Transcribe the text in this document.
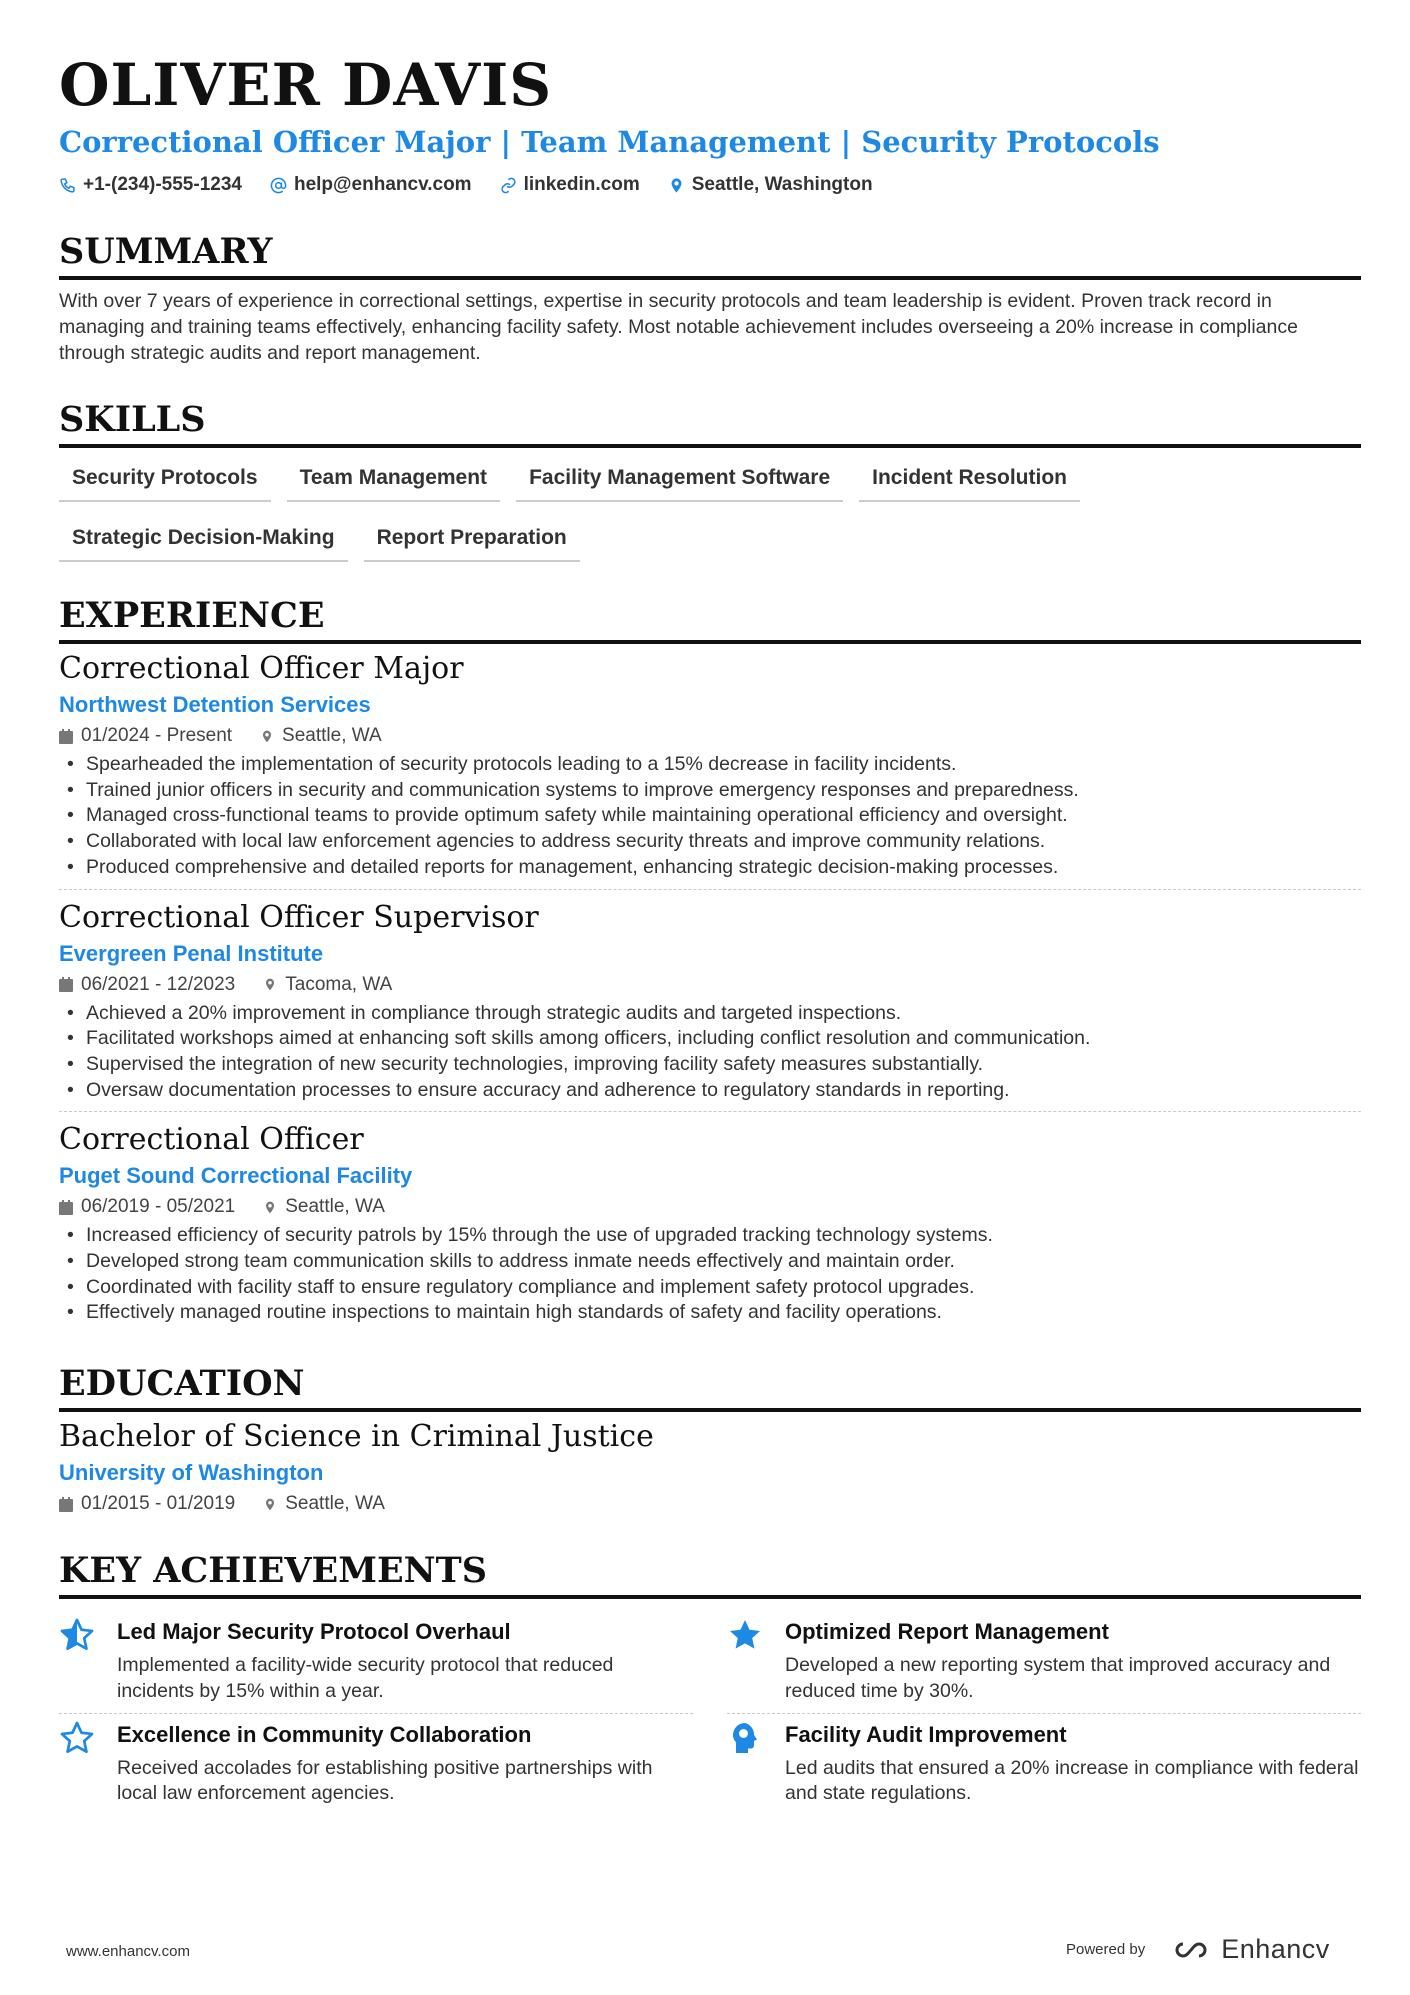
OLIVER DAVIS
Correctional Officer Major | Team Management | Security Protocols
+1-(234)-555-1234	help@enhancv.com	linkedin.com	Seattle, Washington
SUMMARY
With over 7 years of experience in correctional settings, expertise in security protocols and team leadership is evident. Proven track record in managing and training teams effectively, enhancing facility safety. Most notable achievement includes overseeing a 20% increase in compliance through strategic audits and report management.
SKILLS
Security Protocols	Team Management	Facility Management Software	Incident Resolution
Strategic Decision-Making	Report Preparation
EXPERIENCE
Correctional Officer Major
Northwest Detention Services
01/2024 - Present	Seattle, WA
• Spearheaded the implementation of security protocols leading to a 15% decrease in facility incidents.
• Trained junior officers in security and communication systems to improve emergency responses and preparedness.
• Managed cross-functional teams to provide optimum safety while maintaining operational efficiency and oversight.
• Collaborated with local law enforcement agencies to address security threats and improve community relations.
• Produced comprehensive and detailed reports for management, enhancing strategic decision-making processes.
Correctional Officer Supervisor
Evergreen Penal Institute
06/2021 - 12/2023	Tacoma, WA
• Achieved a 20% improvement in compliance through strategic audits and targeted inspections.
• Facilitated workshops aimed at enhancing soft skills among officers, including conflict resolution and communication.
• Supervised the integration of new security technologies, improving facility safety measures substantially.
• Oversaw documentation processes to ensure accuracy and adherence to regulatory standards in reporting.
Correctional Officer
Puget Sound Correctional Facility
06/2019 - 05/2021	Seattle, WA
• Increased efficiency of security patrols by 15% through the use of upgraded tracking technology systems.
• Developed strong team communication skills to address inmate needs effectively and maintain order.
• Coordinated with facility staff to ensure regulatory compliance and implement safety protocol upgrades.
• Effectively managed routine inspections to maintain high standards of safety and facility operations.
EDUCATION
Bachelor of Science in Criminal Justice
University of Washington
01/2015 - 01/2019	Seattle, WA
KEY ACHIEVEMENTS
Led Major Security Protocol Overhaul
Implemented a facility-wide security protocol that reduced incidents by 15% within a year.
Optimized Report Management
Developed a new reporting system that improved accuracy and reduced time by 30%.
Excellence in Community Collaboration
Received accolades for establishing positive partnerships with local law enforcement agencies.
Facility Audit Improvement
Led audits that ensured a 20% increase in compliance with federal and state regulations.
www.enhancv.com	Powered by	Enhancv
